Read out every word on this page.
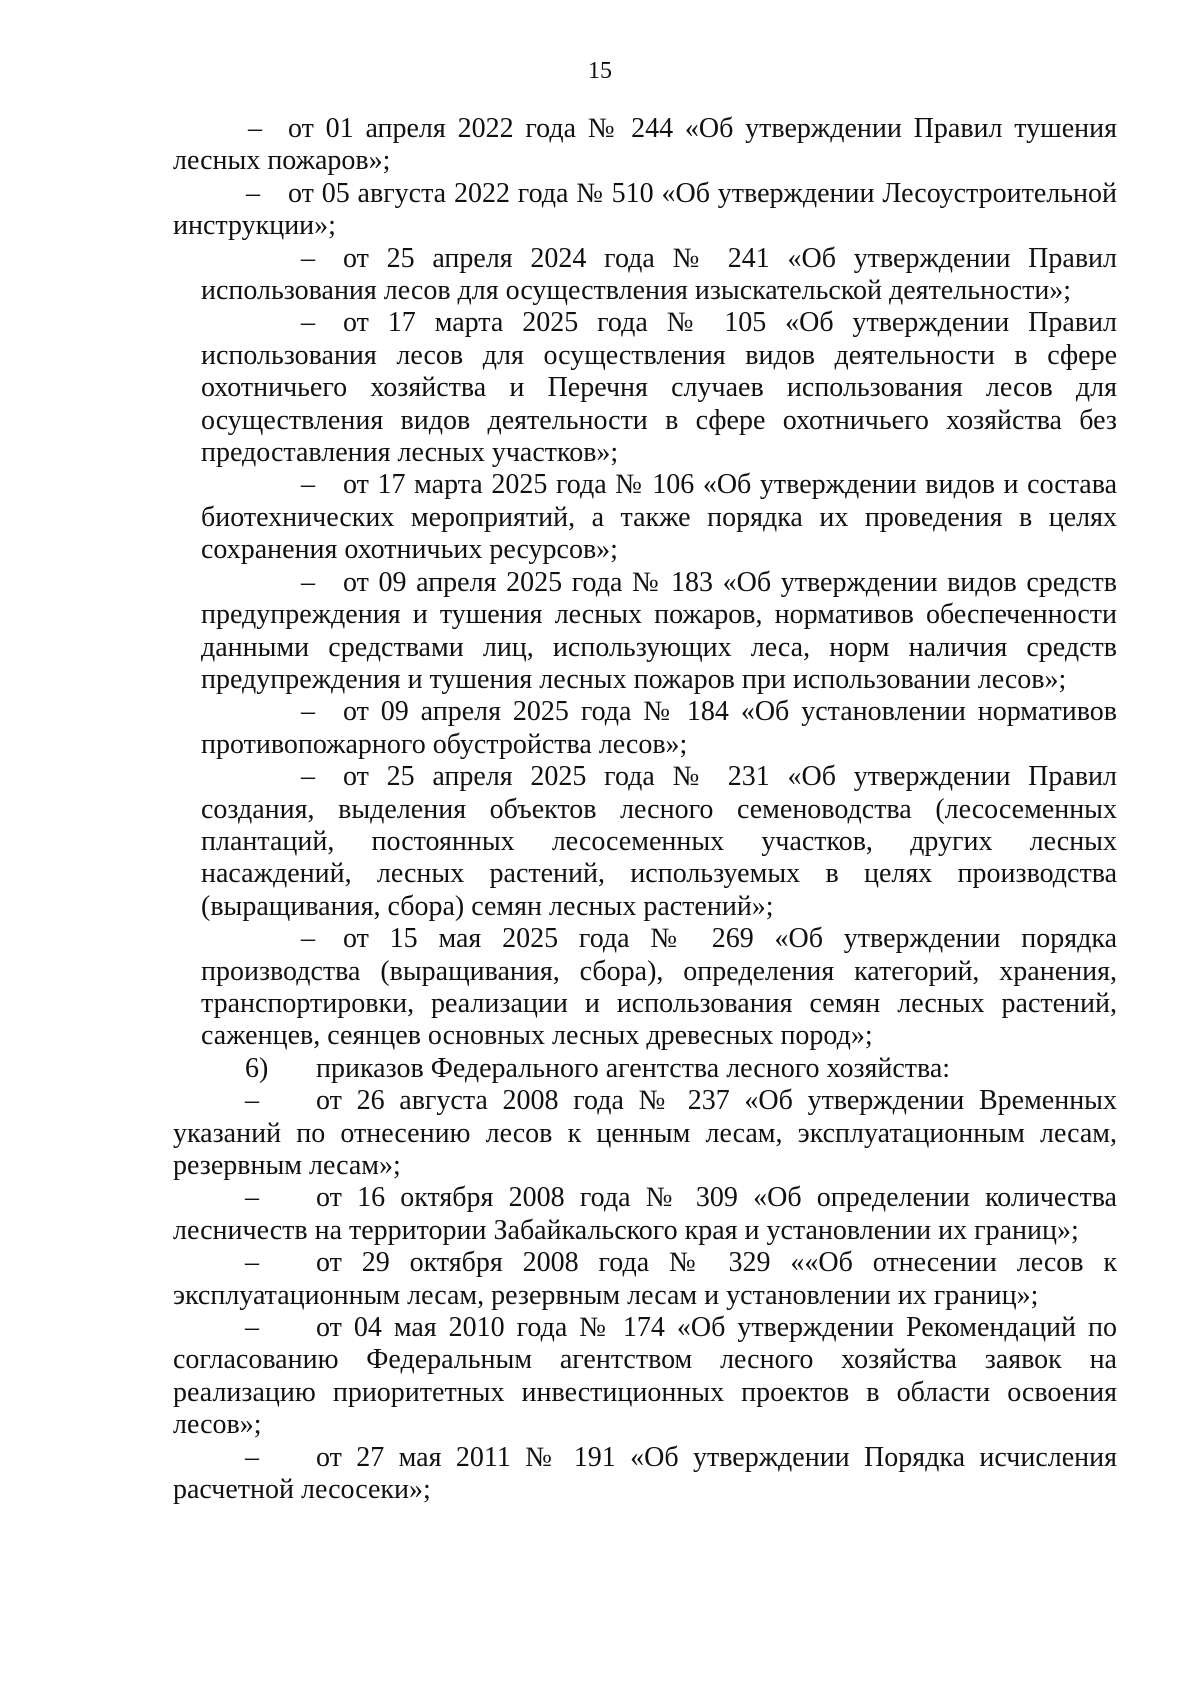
15

– от 01 апреля 2022 года № 244 «Об утверждении Правил тушения лесных пожаров»;

– от 05 августа 2022 года № 510 «Об утверждении Лесоустроительной инструкции»;

– от 25 апреля 2024 года № 241 «Об утверждении Правил использования лесов для осуществления изыскательской деятельности»;

– от 17 марта 2025 года № 105 «Об утверждении Правил использования лесов для осуществления видов деятельности в сфере охотничьего хозяйства и Перечня случаев использования лесов для осуществления видов деятельности в сфере охотничьего хозяйства без предоставления лесных участков»;

– от 17 марта 2025 года № 106 «Об утверждении видов и состава биотехнических мероприятий, а также порядка их проведения в целях сохранения охотничьих ресурсов»;

– от 09 апреля 2025 года № 183 «Об утверждении видов средств предупреждения и тушения лесных пожаров, нормативов обеспеченности данными средствами лиц, использующих леса, норм наличия средств предупреждения и тушения лесных пожаров при использовании лесов»;

– от 09 апреля 2025 года № 184 «Об установлении нормативов противопожарного обустройства лесов»;

– от 25 апреля 2025 года № 231 «Об утверждении Правил создания, выделения объектов лесного семеноводства (лесосеменных плантаций, постоянных лесосеменных участков, других лесных насаждений, лесных растений, используемых в целях производства (выращивания, сбора) семян лесных растений»;

– от 15 мая 2025 года № 269 «Об утверждении порядка производства (выращивания, сбора), определения категорий, хранения, транспортировки, реализации и использования семян лесных растений, саженцев, сеянцев основных лесных древесных пород»;

6) приказов Федерального агентства лесного хозяйства:

– от 26 августа 2008 года № 237 «Об утверждении Временных указаний по отнесению лесов к ценным лесам, эксплуатационным лесам, резервным лесам»;

– от 16 октября 2008 года № 309 «Об определении количества лесничеств на территории Забайкальского края и установлении их границ»;

– от 29 октября 2008 года № 329 ««Об отнесении лесов к эксплуатационным лесам, резервным лесам и установлении их границ»;

– от 04 мая 2010 года № 174 «Об утверждении Рекомендаций по согласованию Федеральным агентством лесного хозяйства заявок на реализацию приоритетных инвестиционных проектов в области освоения лесов»;

– от 27 мая 2011 № 191 «Об утверждении Порядка исчисления расчетной лесосеки»;
